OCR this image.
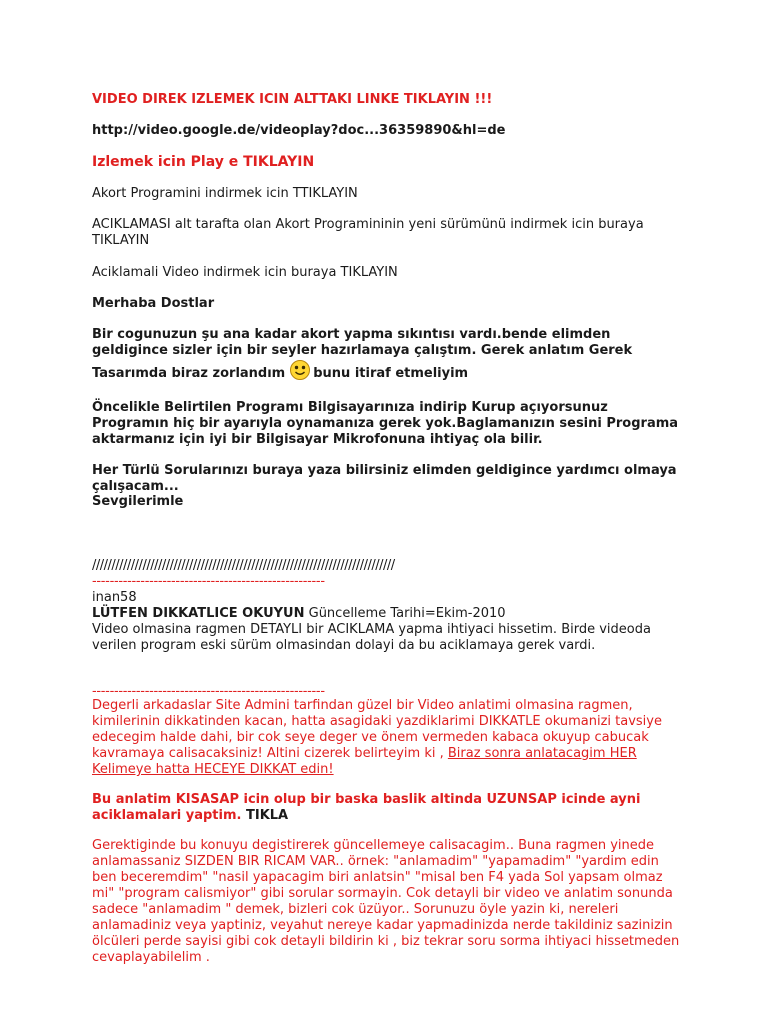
VIDEO DIREK IZLEMEK ICIN ALTTAKI LINKE TIKLAYIN !!!

http://video.google.de/videoplay?doc...36359890&hl=de

Izlemek icin Play e TIKLAYIN

Akort Programini indirmek icin TTIKLAYIN

ACIKLAMASI alt tarafta olan Akort Programininin yeni sürümünü indirmek icin buraya TIKLAYIN

Aciklamali Video indirmek icin buraya TIKLAYIN

Merhaba Dostlar

Bir cogunuzun şu ana kadar akort yapma sıkıntısı vardı.bende elimden geldigince sizler için bir seyler hazırlamaya çalıştım. Gerek anlatım Gerek Tasarımda biraz zorlandım bunu itiraf etmeliyim

Öncelikle Belirtilen Programı Bilgisayarınıza indirip Kurup açıyorsunuz Programın hiç bir ayarıyla oynamanıza gerek yok.Baglamanızın sesini Programa aktarmanız için iyi bir Bilgisayar Mikrofonuna ihtiyaç ola bilir.

Her Türlü Sorularınızı buraya yaza bilirsiniz elimden geldigince yardımcı olmaya çalışacam...

Sevgilerimle

//////////////////////////////////////////////////////////////////////////////

-----------------------------------------------------

inan58

LÜTFEN DIKKATLICE OKUYUN Güncelleme Tarihi=Ekim-2010

Video olmasina ragmen DETAYLI bir ACIKLAMA yapma ihtiyaci hissetim. Birde videoda verilen program eski sürüm olmasindan dolayi da bu aciklamaya gerek vardi.

-----------------------------------------------------

Degerli arkadaslar Site Admini tarfindan güzel bir Video anlatimi olmasina ragmen, kimilerinin dikkatinden kacan, hatta asagidaki yazdiklarimi DIKKATLE okumanizi tavsiye edecegim halde dahi, bir cok seye deger ve önem vermeden kabaca okuyup cabucak kavramaya calisacaksiniz! Altini cizerek belirteyim ki , Biraz sonra anlatacagim HER Kelimeye hatta HECEYE DIKKAT edin!

Bu anlatim KISASAP icin olup bir baska baslik altinda UZUNSAP icinde ayni aciklamalari yaptim. TIKLA

Gerektiginde bu konuyu degistirerek güncellemeye calisacagim.. Buna ragmen yinede anlamassaniz SIZDEN BIR RICAM VAR.. örnek: "anlamadim" "yapamadim" "yardim edin ben beceremdim" "nasil yapacagim biri anlatsin" "misal ben F4 yada Sol yapsam olmaz mi" "program calismiyor" gibi sorular sormayin. Cok detayli bir video ve anlatim sonunda sadece "anlamadim " demek, bizleri cok üzüyor.. Sorunuzu öyle yazin ki, nereleri anlamadiniz veya yaptiniz, veyahut nereye kadar yapmadinizda nerde takildiniz sazinizin ölcüleri perde sayisi gibi cok detayli bildirin ki , biz tekrar soru sorma ihtiyaci hissetmeden cevaplayabilelim .
